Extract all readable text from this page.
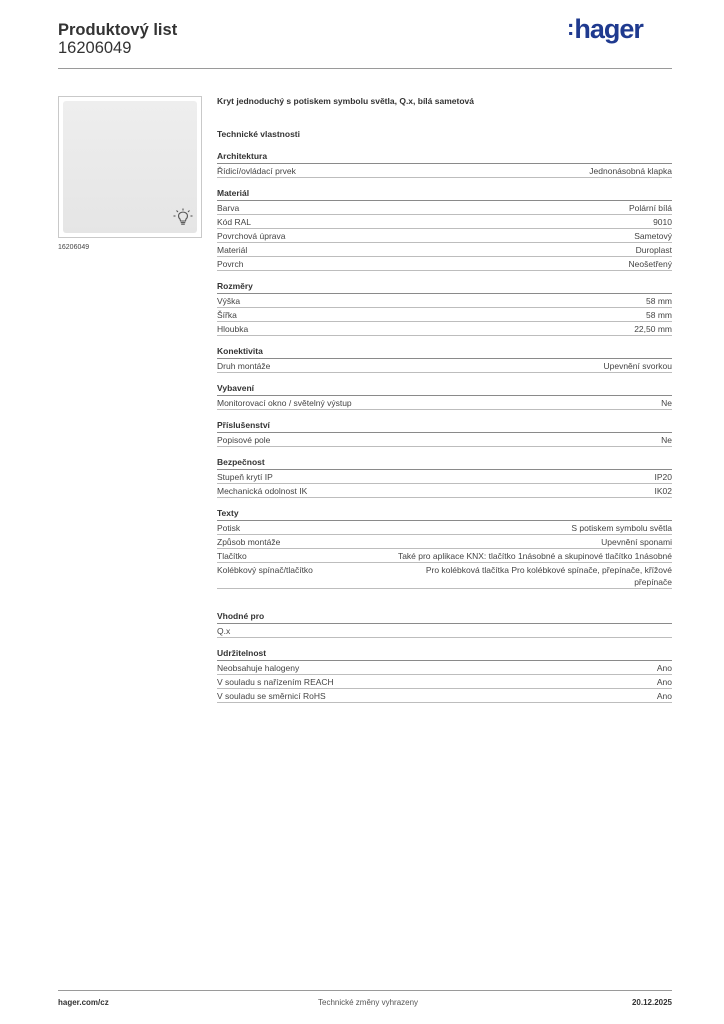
Produktový list
16206049
:hager
16206049
Kryt jednoduchý s potiskem symbolu světla, Q.x, bílá sametová
Technické vlastnosti
Architektura
Řídicí/ovládací prvek	Jednonásobná klapka
Materiál
Barva	Polární bílá
Kód RAL	9010
Povrchová úprava	Sametový
Materiál	Duroplast
Povrch	Neošetřený
Rozměry
Výška	58 mm
Šířka	58 mm
Hloubka	22,50 mm
Konektivita
Druh montáže	Upevnění svorkou
Vybavení
Monitorovací okno / světelný výstup	Ne
Příslušenství
Popisové pole	Ne
Bezpečnost
Stupeň krytí IP	IP20
Mechanická odolnost IK	IK02
Texty
Potisk	S potiskem symbolu světla
Způsob montáže	Upevnění sponami
Tlačítko	Také pro aplikace KNX: tlačítko 1násobné a skupinové tlačítko 1násobné
Kolébkový spínač/tlačítko	Pro kolébková tlačítka Pro kolébkové spínače, přepínače, křížové přepínače
Vhodné pro
Q.x
Udržitelnost
Neobsahuje halogeny	Ano
V souladu s nařízením REACH	Ano
V souladu se směrnicí RoHS	Ano
hager.com/cz	Technické změny vyhrazeny	20.12.2025
